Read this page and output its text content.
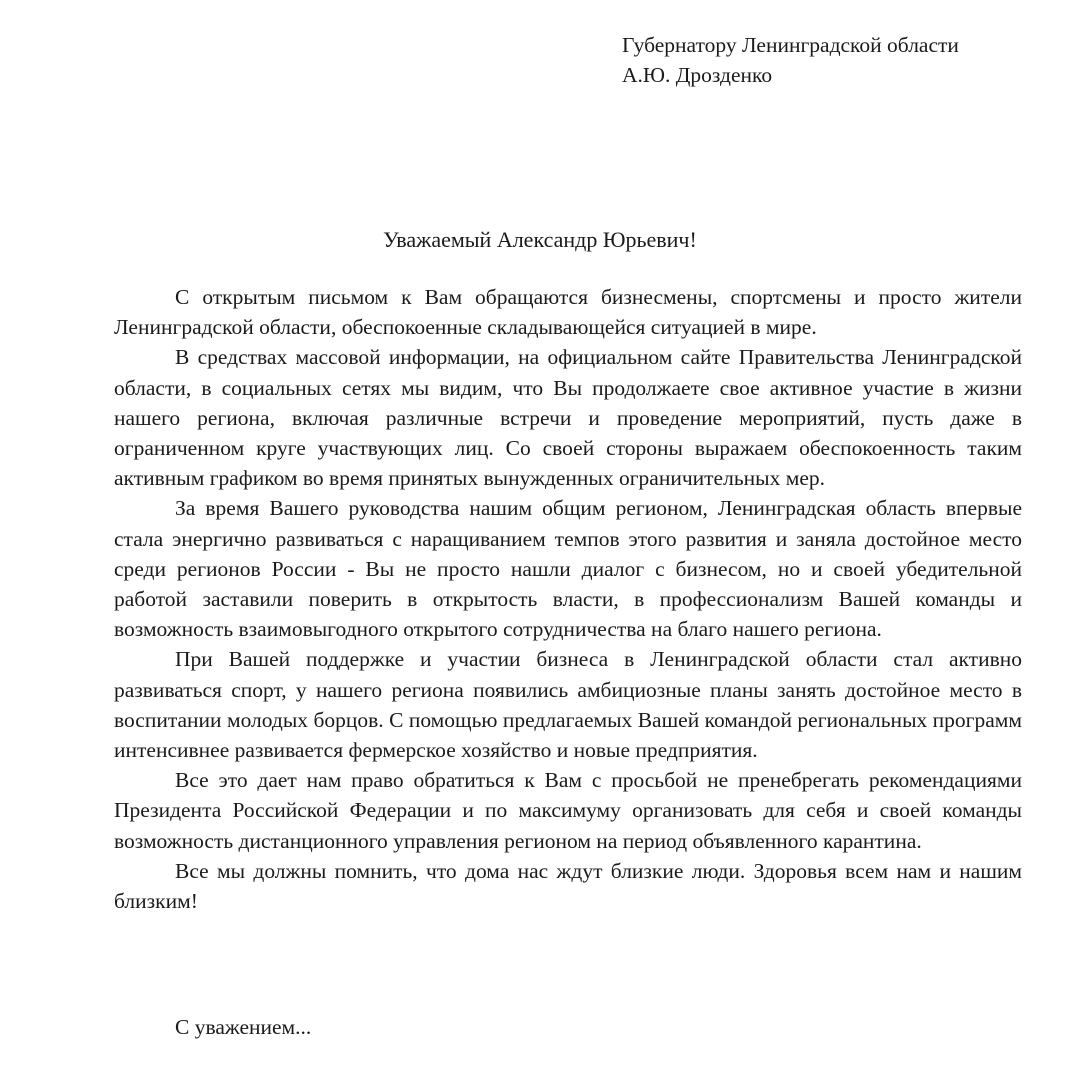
Губернатору Ленинградской области
А.Ю. Дрозденко
Уважаемый Александр Юрьевич!

С открытым письмом к Вам обращаются бизнесмены, спортсмены и просто жители Ленинградской области, обеспокоенные складывающейся ситуацией в мире.

В средствах массовой информации, на официальном сайте Правительства Ленинградской области, в социальных сетях мы видим, что Вы продолжаете свое активное участие в жизни нашего региона, включая различные встречи и проведение мероприятий, пусть даже в ограниченном круге участвующих лиц. Со своей стороны выражаем обеспокоенность таким активным графиком во время принятых вынужденных ограничительных мер.

За время Вашего руководства нашим общим регионом, Ленинградская область впервые стала энергично развиваться с наращиванием темпов этого развития и заняла достойное место среди регионов России - Вы не просто нашли диалог с бизнесом, но и своей убедительной работой заставили поверить в открытость власти, в профессионализм Вашей команды и возможность взаимовыгодного открытого сотрудничества на благо нашего региона.

При Вашей поддержке и участии бизнеса в Ленинградской области стал активно развиваться спорт, у нашего региона появились амбициозные планы занять достойное место в воспитании молодых борцов. С помощью предлагаемых Вашей командой региональных программ интенсивнее развивается фермерское хозяйство и новые предприятия.

Все это дает нам право обратиться к Вам с просьбой не пренебрегать рекомендациями Президента Российской Федерации и по максимуму организовать для себя и своей команды возможность дистанционного управления регионом на период объявленного карантина.

Все мы должны помнить, что дома нас ждут близкие люди. Здоровья всем нам и нашим близким!

С уважением...
